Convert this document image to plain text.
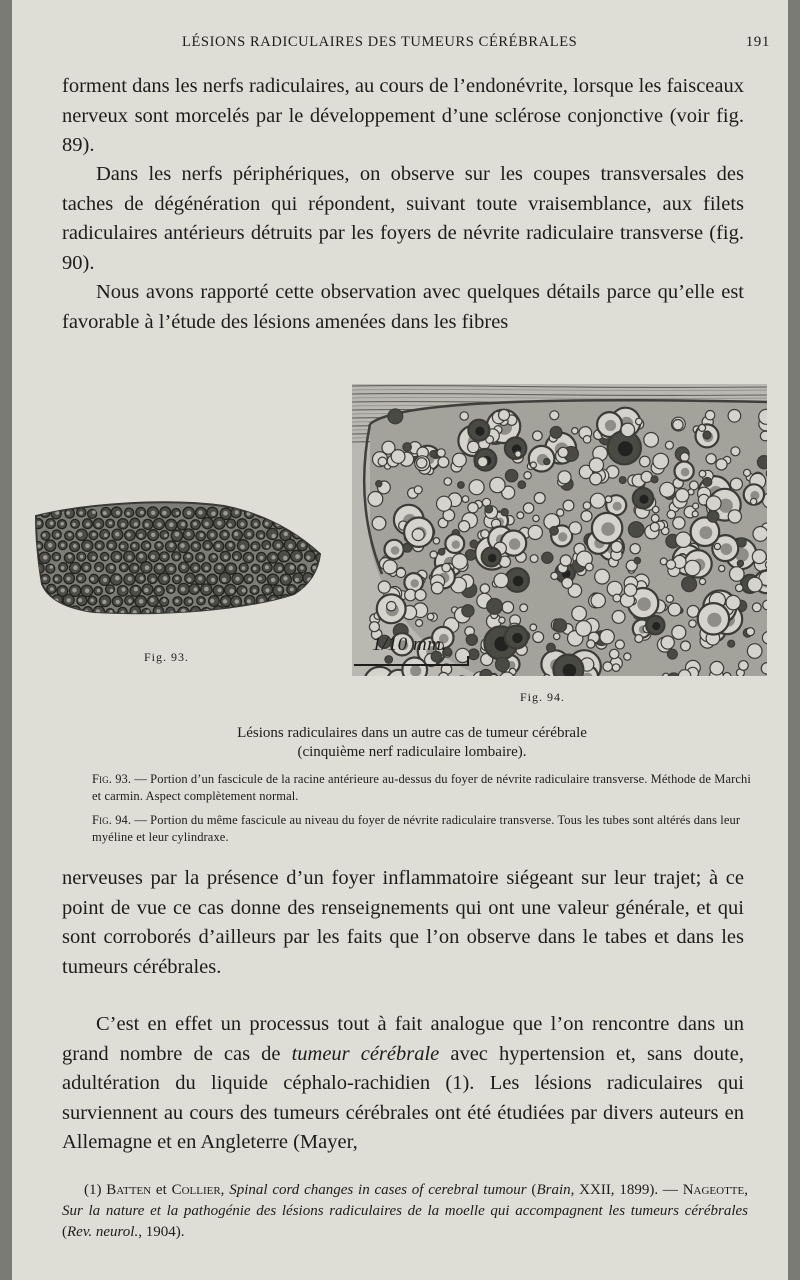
LÉSIONS RADICULAIRES DES TUMEURS CÉRÉBRALES	191

forment dans les nerfs radiculaires, au cours de l’endonévrite, lorsque les faisceaux nerveux sont morcelés par le développement d’une sclérose conjonctive (voir fig. 89).

Dans les nerfs périphériques, on observe sur les coupes transversales des taches de dégénération qui répondent, suivant toute vraisemblance, aux filets radiculaires antérieurs détruits par les foyers de névrite radiculaire transverse (fig. 90).

Nous avons rapporté cette observation avec quelques détails parce qu’elle est favorable à l’étude des lésions amenées dans les fibres

Fig. 93.
1/10 mm.
Fig. 94.
Lésions radiculaires dans un autre cas de tumeur cérébrale
(cinquième nerf radiculaire lombaire).
Fig. 93. — Portion d’un fascicule de la racine antérieure au-dessus du foyer de névrite radiculaire transverse. Méthode de Marchi et carmin. Aspect complètement normal.
Fig. 94. — Portion du même fascicule au niveau du foyer de névrite radiculaire transverse. Tous les tubes sont altérés dans leur myéline et leur cylindraxe.

nerveuses par la présence d’un foyer inflammatoire siégeant sur leur trajet; à ce point de vue ce cas donne des renseignements qui ont une valeur générale, et qui sont corroborés d’ailleurs par les faits que l’on observe dans le tabes et dans les tumeurs cérébrales.

C’est en effet un processus tout à fait analogue que l’on rencontre dans un grand nombre de cas de tumeur cérébrale avec hypertension et, sans doute, adultération du liquide céphalo-rachidien (1). Les lésions radiculaires qui surviennent au cours des tumeurs cérébrales ont été étudiées par divers auteurs en Allemagne et en Angleterre (Mayer,

(1) Batten et Collier, Spinal cord changes in cases of cerebral tumour (Brain, XXII, 1899). — Nageotte, Sur la nature et la pathogénie des lésions radiculaires de la moelle qui accompagnent les tumeurs cérébrales (Rev. neurol., 1904).
